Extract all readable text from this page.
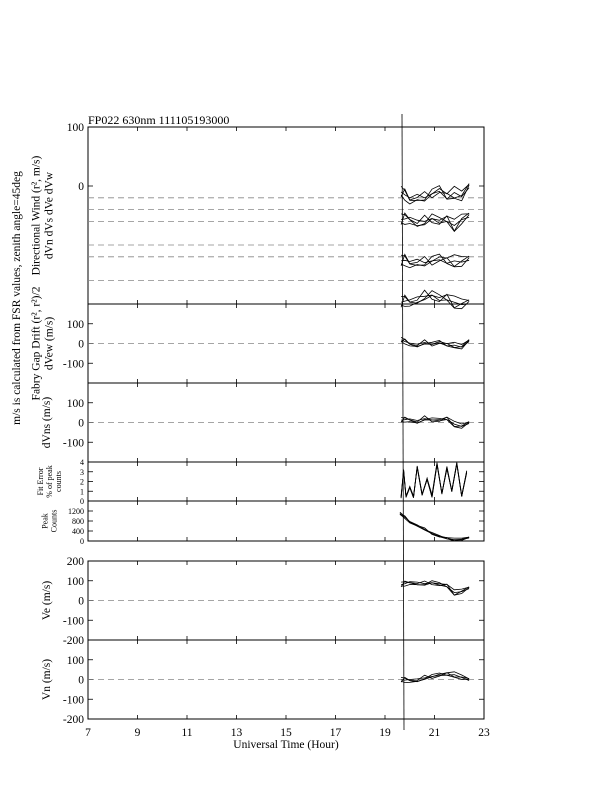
FP022 630nm 111105193000
100
0
Directional Wind (r², m/s) dVn dVs dVe dVw
100
0
-100
Fabry Gap Drift (r², r²)/2 dVew (m/s)
100
0
-100
dVns (m/s)
4
3
2
1
0
Fit Error % of peak counts
1200
800
400
0
Peak Counts
200
100
0
-100
-200
Ve (m/s)
100
0
-100
-200
Vn (m/s)
7	9	11	13	15	17	19	21	23
Universal Time (Hour)
m/s is calculated from FSR values, zenith angle=45deg
